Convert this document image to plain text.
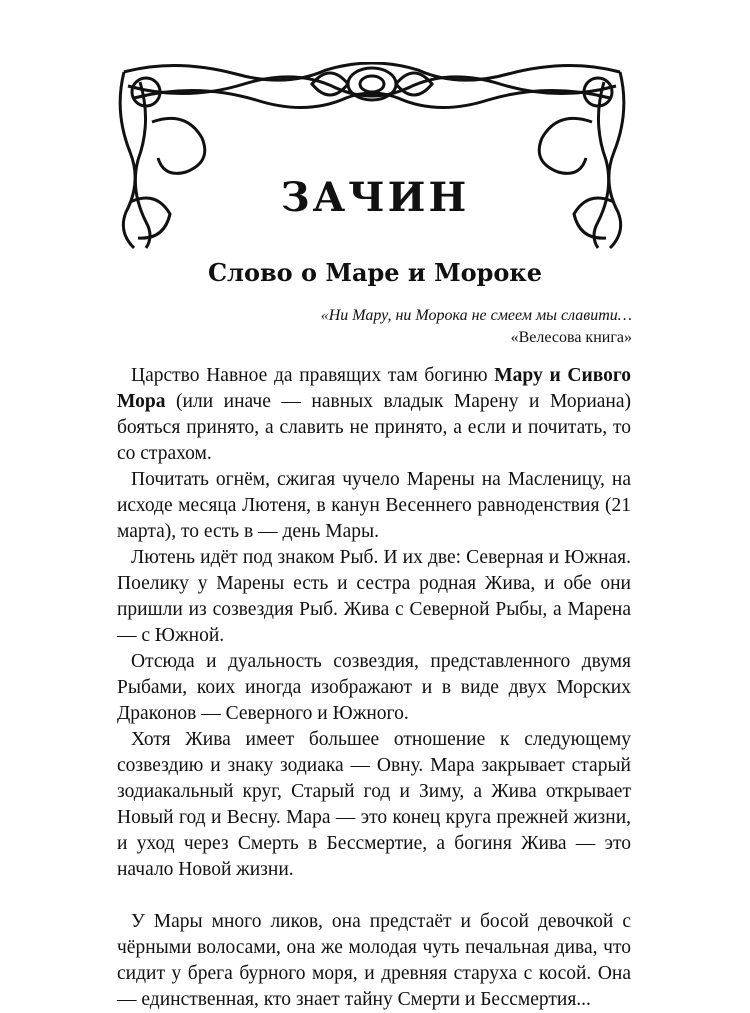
ЗАЧИН
Слово о Маре и Мороке
«Ни Мару, ни Морока не смеем мы славити…
«Велесова книга»

Царство Навное да правящих там богиню Мару и Сивого Мора (или иначе — навных владык Марену и Мориана) бояться принято, а славить не принято, а если и почитать, то со страхом.

Почитать огнём, сжигая чучело Марены на Масленицу, на исходе месяца Лютеня, в канун Весеннего равноденствия (21 марта), то есть в — день Мары.

Лютень идёт под знаком Рыб. И их две: Северная и Южная. Поелику у Марены есть и сестра родная Жива, и обе они пришли из созвездия Рыб. Жива с Северной Рыбы, а Марена — с Южной.

Отсюда и дуальность созвездия, представленного двумя Рыбами, коих иногда изображают и в виде двух Морских Драконов — Северного и Южного.

Хотя Жива имеет большее отношение к следующему созвездию и знаку зодиака — Овну. Мара закрывает старый зодиакальный круг, Старый год и Зиму, а Жива открывает Новый год и Весну. Мара — это конец круга прежней жизни, и уход через Смерть в Бессмертие, а богиня Жива — это начало Новой жизни.

У Мары много ликов, она предстаёт и босой девочкой с чёрными волосами, она же молодая чуть печальная дива, что сидит у брега бурного моря, и древняя старуха с косой. Она — единственная, кто знает тайну Смерти и Бессмертия...
